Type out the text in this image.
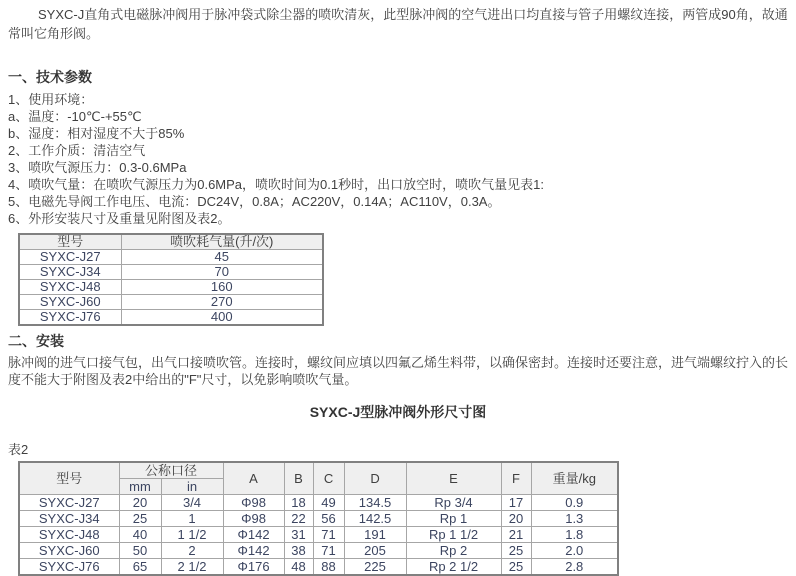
SYXC-J直角式电磁脉冲阀用于脉冲袋式除尘器的喷吹清灰，此型脉冲阀的空气进出口均直接与管子用螺纹连接，两管成90角，故通常叫它角形阀。

一、技术参数
1、使用环境：
a、温度：-10℃-+55℃
b、湿度：相对湿度不大于85%
2、工作介质：清洁空气
3、喷吹气源压力：0.3-0.6MPa
4、喷吹气量：在喷吹气源压力为0.6MPa，喷吹时间为0.1秒时，出口放空时，喷吹气量见表1:
5、电磁先导阀工作电压、电流：DC24V，0.8A；AC220V，0.14A；AC110V，0.3A。
6、外形安装尺寸及重量见附图及表2。
型号	喷吹耗气量(升/次)
SYXC-J27	45
SYXC-J34	70
SYXC-J48	160
SYXC-J60	270
SYXC-J76	400
二、安装

脉冲阀的进气口接气包，出气口接喷吹管。连接时，螺纹间应填以四氟乙烯生料带，以确保密封。连接时还要注意，进气端螺纹拧入的长度不能大于附图及表2中给出的"F"尺寸，以免影响喷吹气量。

SYXC-J型脉冲阀外形尺寸图
表2
型号	公称口径		A	B	C	D	E	F	重量/kg
	mm	in							
SYXC-J27	20	3/4	Φ98	18	49	134.5	Rp 3/4	17	0.9
SYXC-J34	25	1	Φ98	22	56	142.5	Rp 1	20	1.3
SYXC-J48	40	1 1/2	Φ142	31	71	191	Rp 1 1/2	21	1.8
SYXC-J60	50	2	Φ142	38	71	205	Rp 2	25	2.0
SYXC-J76	65	2 1/2	Φ176	48	88	225	Rp 2 1/2	25	2.8
